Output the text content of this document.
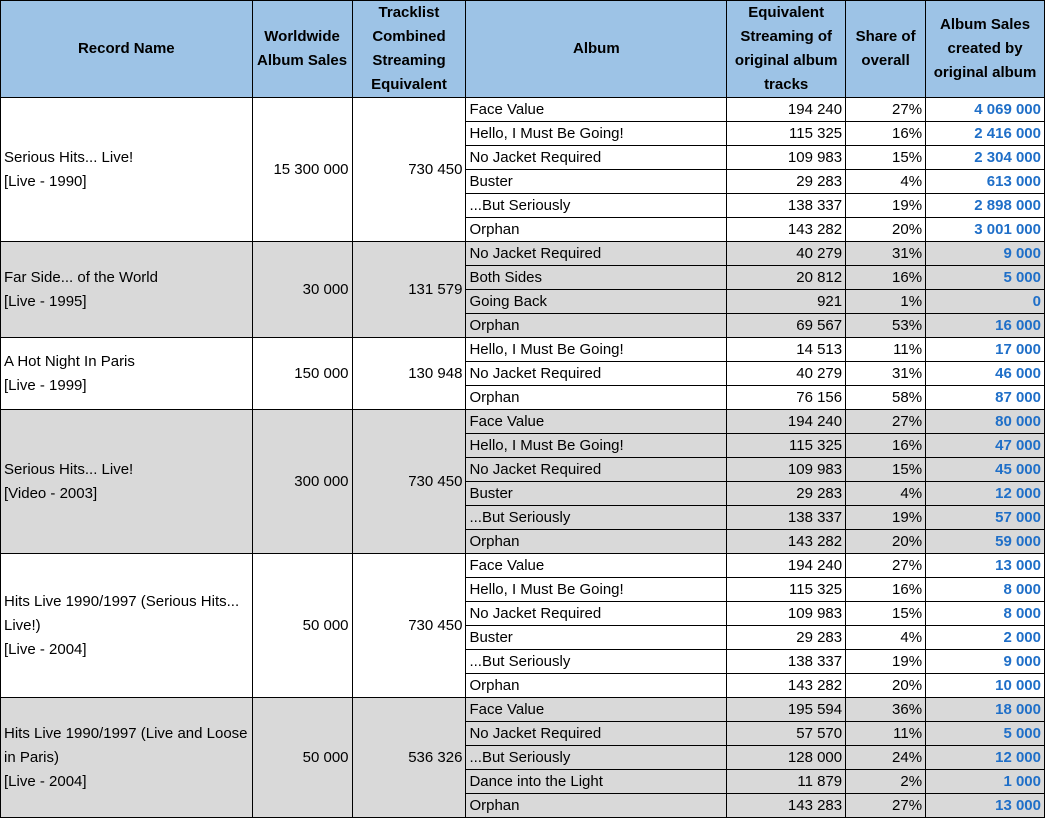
Record Name	Worldwide Album Sales	Tracklist Combined Streaming Equivalent	Album	Equivalent Streaming of original album tracks	Share of overall	Album Sales created by original album

Serious Hits... Live!
[Live - 1990]	15 300 000	730 450	Face Value	194 240	27%	4 069 000
			Hello, I Must Be Going!	115 325	16%	2 416 000
			No Jacket Required	109 983	15%	2 304 000
			Buster	29 283	4%	613 000
			...But Seriously	138 337	19%	2 898 000
			Orphan	143 282	20%	3 001 000

Far Side... of the World
[Live - 1995]	30 000	131 579	No Jacket Required	40 279	31%	9 000
			Both Sides	20 812	16%	5 000
			Going Back	921	1%	0
			Orphan	69 567	53%	16 000

A Hot Night In Paris
[Live - 1999]	150 000	130 948	Hello, I Must Be Going!	14 513	11%	17 000
			No Jacket Required	40 279	31%	46 000
			Orphan	76 156	58%	87 000

Serious Hits... Live!
[Video - 2003]	300 000	730 450	Face Value	194 240	27%	80 000
			Hello, I Must Be Going!	115 325	16%	47 000
			No Jacket Required	109 983	15%	45 000
			Buster	29 283	4%	12 000
			...But Seriously	138 337	19%	57 000
			Orphan	143 282	20%	59 000

Hits Live 1990/1997 (Serious Hits... Live!)
[Live - 2004]	50 000	730 450	Face Value	194 240	27%	13 000
			Hello, I Must Be Going!	115 325	16%	8 000
			No Jacket Required	109 983	15%	8 000
			Buster	29 283	4%	2 000
			...But Seriously	138 337	19%	9 000
			Orphan	143 282	20%	10 000

Hits Live 1990/1997 (Live and Loose in Paris)
[Live - 2004]	50 000	536 326	Face Value	195 594	36%	18 000
			No Jacket Required	57 570	11%	5 000
			...But Seriously	128 000	24%	12 000
			Dance into the Light	11 879	2%	1 000
			Orphan	143 283	27%	13 000
